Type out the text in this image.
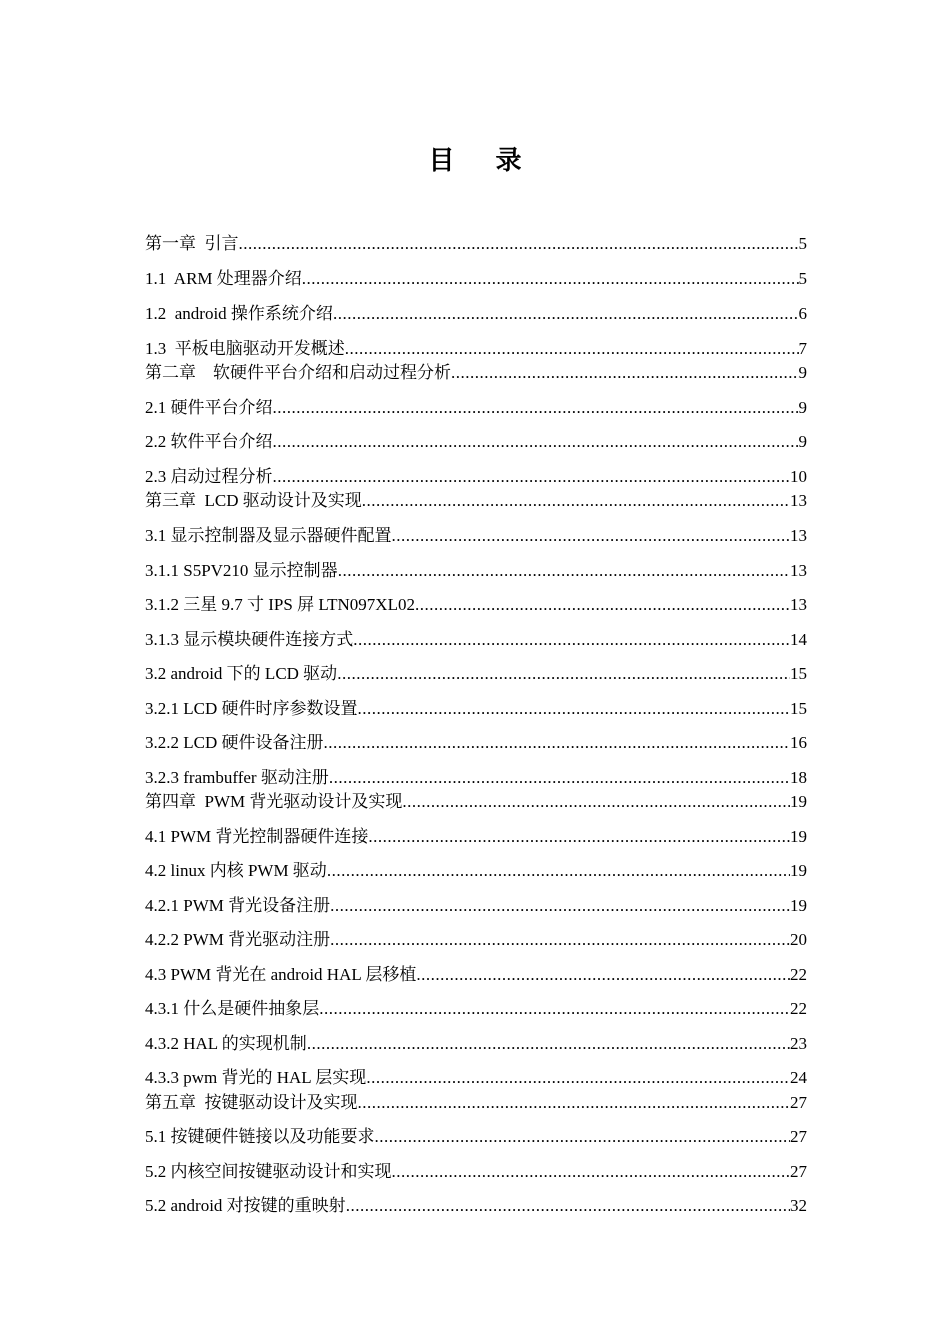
目 录
第一章  引言 .....	5
1.1  ARM 处理器介绍 .....	5
1.2  android 操作系统介绍 .....	6
1.3  平板电脑驱动开发概述 .....	7
第二章    软硬件平台介绍和启动过程分析 .....	9
2.1 硬件平台介绍 .....	9
2.2 软件平台介绍 .....	9
2.3 启动过程分析 .....	10
第三章  LCD 驱动设计及实现 .....	13
3.1 显示控制器及显示器硬件配置 .....	13
3.1.1 S5PV210 显示控制器 .....	13
3.1.2 三星 9.7 寸 IPS 屏 LTN097XL02 .....	13
3.1.3 显示模块硬件连接方式 .....	14
3.2 android 下的 LCD 驱动 .....	15
3.2.1 LCD 硬件时序参数设置 .....	15
3.2.2 LCD 硬件设备注册 .....	16
3.2.3 frambuffer 驱动注册 .....	18
第四章  PWM 背光驱动设计及实现 .....	19
4.1 PWM 背光控制器硬件连接 .....	19
4.2 linux 内核 PWM 驱动 .....	19
4.2.1 PWM 背光设备注册 .....	19
4.2.2 PWM 背光驱动注册 .....	20
4.3 PWM 背光在 android HAL 层移植 .....	22
4.3.1 什么是硬件抽象层 .....	22
4.3.2 HAL 的实现机制 .....	23
4.3.3 pwm 背光的 HAL 层实现 .....	24
第五章  按键驱动设计及实现 .....	27
5.1 按键硬件链接以及功能要求 .....	27
5.2 内核空间按键驱动设计和实现 .....	27
5.2 android 对按键的重映射 .....	32
